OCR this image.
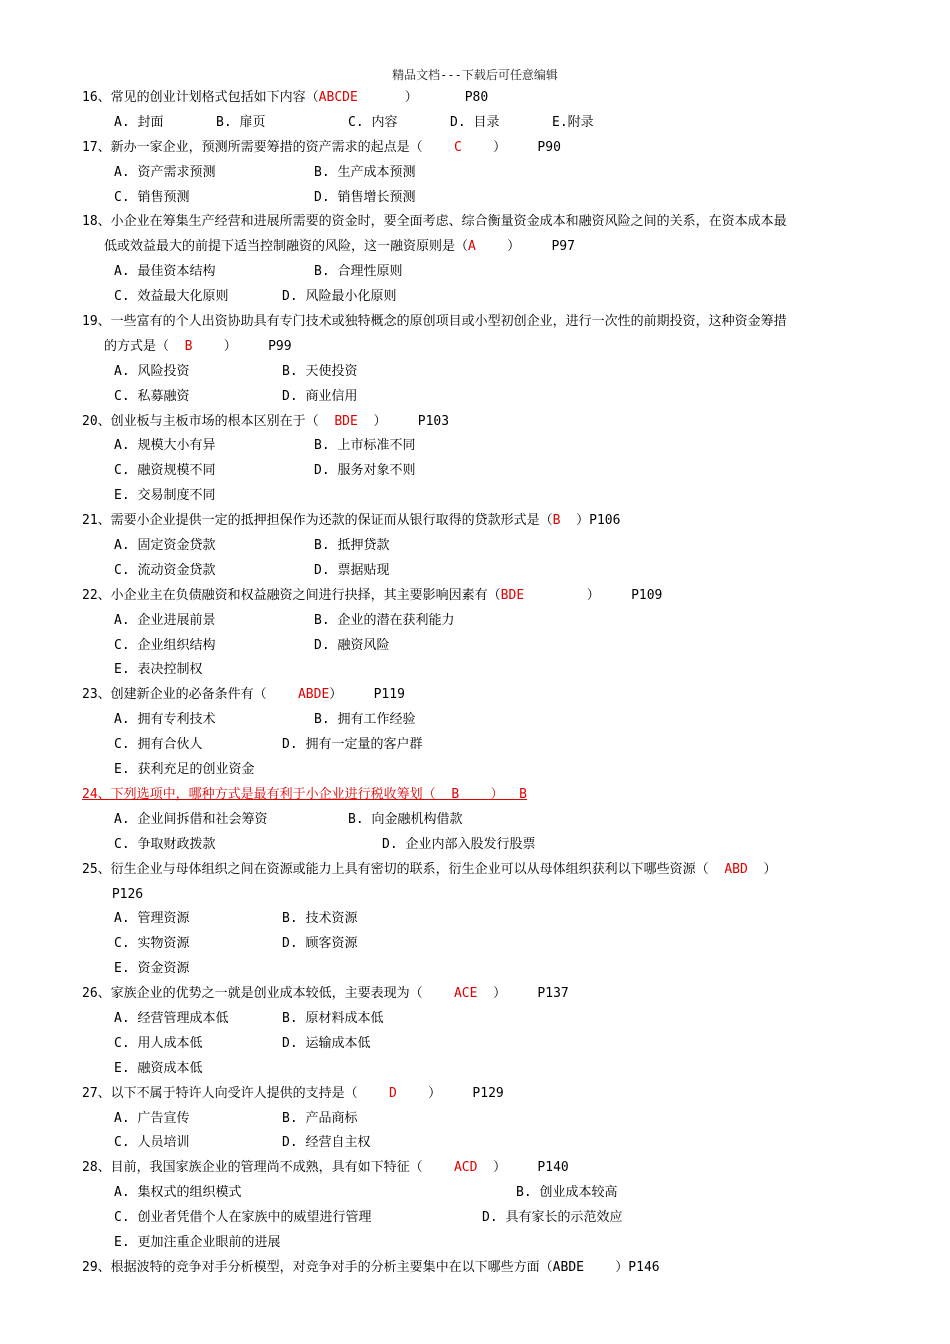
精品文档---下载后可任意编辑
16、常见的创业计划格式包括如下内容（ABCDE      ）      P80
A. 封面	B. 扉页	C. 内容	D. 目录	E.附录
17、新办一家企业，预测所需要筹措的资产需求的起点是（    C    ）    P90
A. 资产需求预测	B. 生产成本预测
C. 销售预测	D. 销售增长预测
18、小企业在筹集生产经营和进展所需要的资金时，要全面考虑、综合衡量资金成本和融资风险之间的关系，在资本成本最
低或效益最大的前提下适当控制融资的风险，这一融资原则是（A    ）    P97
A. 最佳资本结构	B. 合理性原则
C. 效益最大化原则	D. 风险最小化原则
19、一些富有的个人出资协助具有专门技术或独特概念的原创项目或小型初创企业，进行一次性的前期投资，这种资金筹措
的方式是（  B    ）    P99
A. 风险投资	B. 天使投资
C. 私募融资	D. 商业信用
20、创业板与主板市场的根本区别在于（  BDE  ）    P103
A. 规模大小有异	B. 上市标准不同
C. 融资规模不同	D. 服务对象不则
E. 交易制度不同
21、需要小企业提供一定的抵押担保作为还款的保证而从银行取得的贷款形式是（B  ）P106
A. 固定资金贷款	B. 抵押贷款
C. 流动资金贷款	D. 票据贴现
22、小企业主在负债融资和权益融资之间进行抉择，其主要影响因素有（BDE        ）    P109
A. 企业进展前景	B. 企业的潜在获利能力
C. 企业组织结构	D. 融资风险
E. 表决控制权
23、创建新企业的必备条件有（    ABDE）    P119
A. 拥有专利技术	B. 拥有工作经验
C. 拥有合伙人	D. 拥有一定量的客户群
E. 获利充足的创业资金
24、下列选项中，哪种方式是最有利于小企业进行税收筹划（  B    ）  B
A. 企业间拆借和社会筹资	B. 向金融机构借款
C. 争取财政拨款	D. 企业内部入股发行股票
25、衍生企业与母体组织之间在资源或能力上具有密切的联系，衍生企业可以从母体组织获利以下哪些资源（  ABD  ）
P126
A. 管理资源	B. 技术资源
C. 实物资源	D. 顾客资源
E. 资金资源
26、家族企业的优势之一就是创业成本较低，主要表现为（    ACE  ）    P137
A. 经营管理成本低	B. 原材料成本低
C. 用人成本低	D. 运输成本低
E. 融资成本低
27、以下不属于特许人向受许人提供的支持是（    D    ）    P129
A. 广告宣传	B. 产品商标
C. 人员培训	D. 经营自主权
28、目前，我国家族企业的管理尚不成熟，具有如下特征（    ACD  ）    P140
A. 集权式的组织模式	B. 创业成本较高
C. 创业者凭借个人在家族中的威望进行管理	D. 具有家长的示范效应
E. 更加注重企业眼前的进展
29、根据波特的竞争对手分析模型，对竞争对手的分析主要集中在以下哪些方面（ABDE    ）P146
